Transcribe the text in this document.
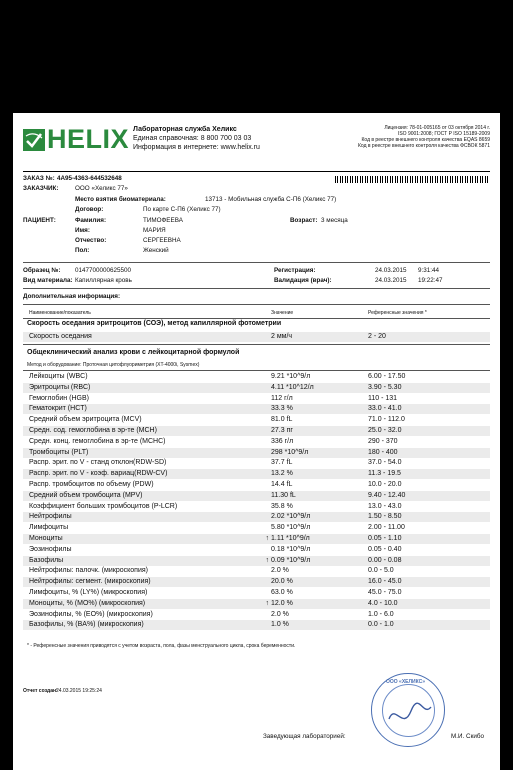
HELIX Лабораторная служба Хеликс
Единая справочная: 8 800 700 03 03
Информация в интернете: www.helix.ru
Лицензия: 78-01-005165 от 03 октября 2014 г.
ISO 9001:2008; ГОСТ Р ISO 15189-2009
Код в реестре внешнего контроля качества EQAS 8659
Код в реестре внешнего контроля качества ФСВОК 5871
ЗАКАЗ №: 4A95-4363-644532648
ЗАКАЗЧИК:	ООО «Хеликс 77»
Место взятия биоматериала:	13713 - Мобильная служба С-П6 (Хеликс 77)
Договор:	По карте С-П6 (Хеликс 77)
ПАЦИЕНТ:	Фамилия:	ТИМОФЕЕВА	Возраст: 3 месяца
Имя:	МАРИЯ
Отчество:	СЕРГЕЕВНА
Пол:	Женский
Образец №: 0147700000625500	Регистрация:	24.03.2015 9:31:44
Вид материала: Капиллярная кровь	Валидация (врач):	24.03.2015 19:22:47
Дополнительная информация:
Наименование/показатель	Значение	Референсные значения *
Скорость оседания эритроцитов (СОЭ), метод капиллярной фотометрии
Скорость оседания	2 мм/ч	2 - 20
Общеклинический анализ крови с лейкоцитарной формулой
Метод и оборудование: Проточная цитофлуориметрия (XT-4000i, Sysmex)
Лейкоциты (WBC)	9.21 *10^9/л	6.00 - 17.50
Эритроциты (RBC)	4.11 *10^12/л	3.90 - 5.30
Гемоглобин (HGB)	112 г/л	110 - 131
Гематокрит (HCT)	33.3 %	33.0 - 41.0
Средний объем эритроцита (MCV)	81.0 fL	71.0 - 112.0
Средн. сод. гемоглобина в эр-те (MCH)	27.3 пг	25.0 - 32.0
Средн. конц. гемоглобина в эр-те (MCHC)	336 г/л	290 - 370
Тромбоциты (PLT)	298 *10^9/л	180 - 400
Распр. эрит. по V - станд отклон(RDW-SD)	37.7 fL	37.0 - 54.0
Распр. эрит. по V - коэф. вариац(RDW-CV)	13.2 %	11.3 - 19.5
Распр. тромбоцитов по объему (PDW)	14.4 fL	10.0 - 20.0
Средний объем тромбоцита (MPV)	11.30 fL	9.40 - 12.40
Коэффициент больших тромбоцитов (P-LCR)	35.8 %	13.0 - 43.0
Нейтрофилы	2.02 *10^9/л	1.50 - 8.50
Лимфоциты	5.80 *10^9/л	2.00 - 11.00
Моноциты	↑ 1.11 *10^9/л	0.05 - 1.10
Эозинофилы	0.18 *10^9/л	0.05 - 0.40
Базофилы	↑ 0.09 *10^9/л	0.00 - 0.08
Нейтрофилы: палочк. (микроскопия)	2.0 %	0.0 - 5.0
Нейтрофилы: сегмент. (микроскопия)	20.0 %	16.0 - 45.0
Лимфоциты, % (LY%) (микроскопия)	63.0 %	45.0 - 75.0
Моноциты, % (MO%) (микроскопия)	↑ 12.0 %	4.0 - 10.0
Эозинофилы, % (EO%) (микроскопия)	2.0 %	1.0 - 6.0
Базофилы, % (BA%) (микроскопия)	1.0 %	0.0 - 1.0
* - Референсные значения приводятся с учетом возраста, пола, фазы менструального цикла, срока беременности.
Отчет создан:
24.03.2015 19:25:24
ООО «ХЕЛИКС»
Заведующая лабораторией:	М.И. Скибо
